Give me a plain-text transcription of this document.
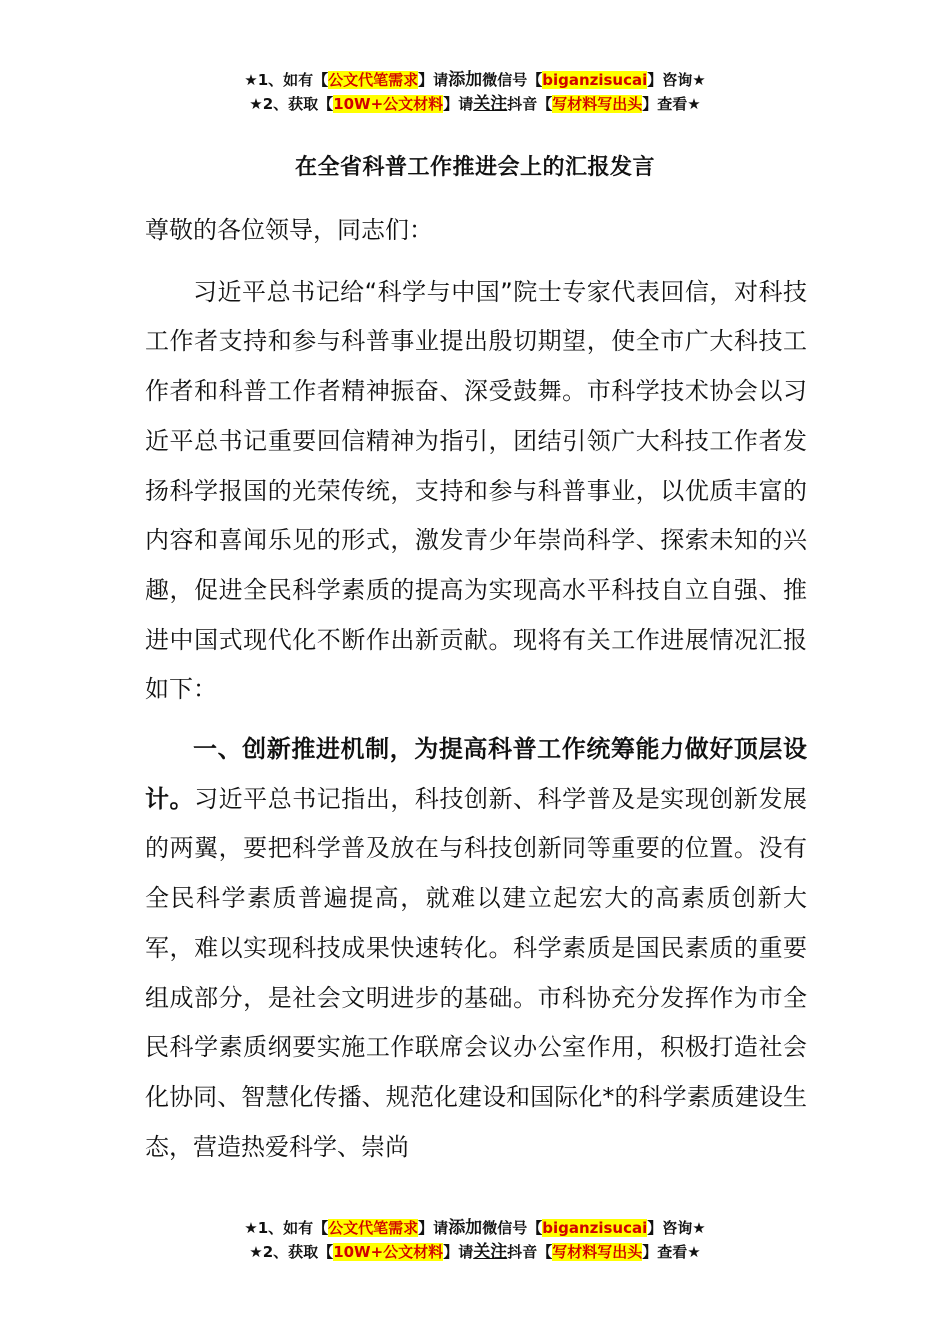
★1、如有【公文代笔需求】请添加微信号【biganzisucai】咨询★
★2、获取【10W+公文材料】请关注抖音【写材料写出头】查看★
在全省科普工作推进会上的汇报发言

尊敬的各位领导，同志们：

习近平总书记给“科学与中国”院士专家代表回信，对科技工作者支持和参与科普事业提出殷切期望，使全市广大科技工作者和科普工作者精神振奋、深受鼓舞。市科学技术协会以习近平总书记重要回信精神为指引，团结引领广大科技工作者发扬科学报国的光荣传统，支持和参与科普事业，以优质丰富的内容和喜闻乐见的形式，激发青少年崇尚科学、探索未知的兴趣，促进全民科学素质的提高为实现高水平科技自立自强、推进中国式现代化不断作出新贡献。现将有关工作进展情况汇报如下：

一、创新推进机制，为提高科普工作统筹能力做好顶层设计。习近平总书记指出，科技创新、科学普及是实现创新发展的两翼，要把科学普及放在与科技创新同等重要的位置。没有全民科学素质普遍提高，就难以建立起宏大的高素质创新大军，难以实现科技成果快速转化。科学素质是国民素质的重要组成部分，是社会文明进步的基础。市科协充分发挥作为市全民科学素质纲要实施工作联席会议办公室作用，积极打造社会化协同、智慧化传播、规范化建设和国际化*的科学素质建设生态，营造热爱科学、崇尚

★1、如有【公文代笔需求】请添加微信号【biganzisucai】咨询★
★2、获取【10W+公文材料】请关注抖音【写材料写出头】查看★
